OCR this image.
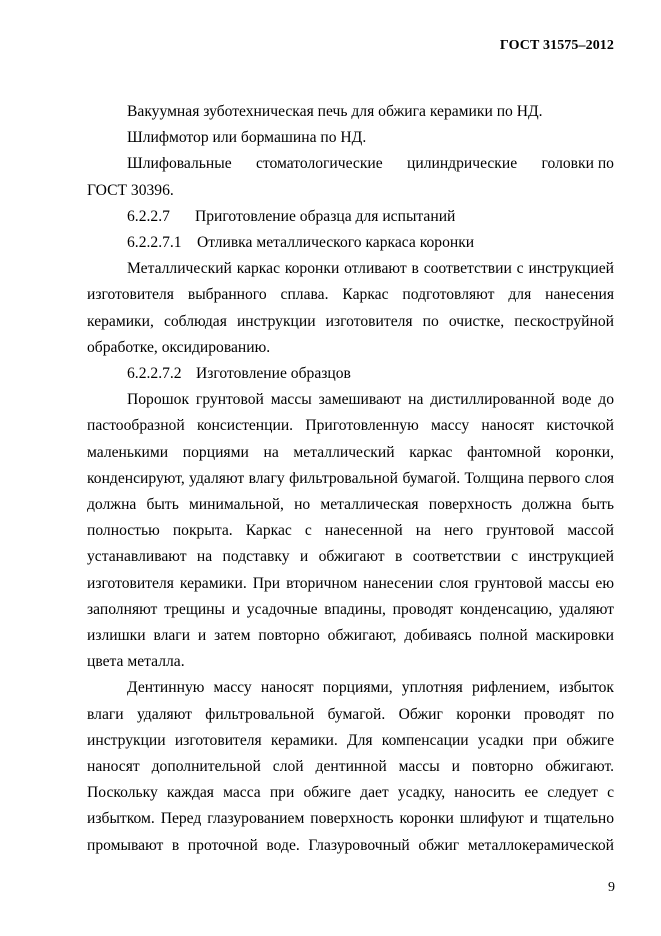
ГОСТ 31575–2012

Вакуумная зуботехническая печь для обжига керамики по НД.

Шлифмотор или бормашина по НД.

Шлифовальные стоматологические цилиндрические головки по

ГОСТ 30396.

6.2.2.7 Приготовление образца для испытаний

6.2.2.7.1 Отливка металлического каркаса коронки

Металлический каркас коронки отливают в соответствии с инструкцией изготовителя выбранного сплава. Каркас подготовляют для нанесения керамики, соблюдая инструкции изготовителя по очистке, пескоструйной обработке, оксидированию.

6.2.2.7.2 Изготовление образцов

Порошок грунтовой массы замешивают на дистиллированной воде до пастообразной консистенции. Приготовленную массу наносят кисточкой маленькими порциями на металлический каркас фантомной коронки, конденсируют, удаляют влагу фильтровальной бумагой. Толщина первого слоя должна быть минимальной, но металлическая поверхность должна быть полностью покрыта. Каркас с нанесенной на него грунтовой массой устанавливают на подставку и обжигают в соответствии с инструкцией изготовителя керамики. При вторичном нанесении слоя грунтовой массы ею заполняют трещины и усадочные впадины, проводят конденсацию, удаляют излишки влаги и затем повторно обжигают, добиваясь полной маскировки цвета металла.

Дентинную массу наносят порциями, уплотняя рифлением, избыток влаги удаляют фильтровальной бумагой. Обжиг коронки проводят по инструкции изготовителя керамики. Для компенсации усадки при обжиге наносят дополнительной слой дентинной массы и повторно обжигают. Поскольку каждая масса при обжиге дает усадку, наносить ее следует с избытком. Перед глазурованием поверхность коронки шлифуют и тщательно промывают в проточной воде. Глазуровочный обжиг металлокерамической

9
